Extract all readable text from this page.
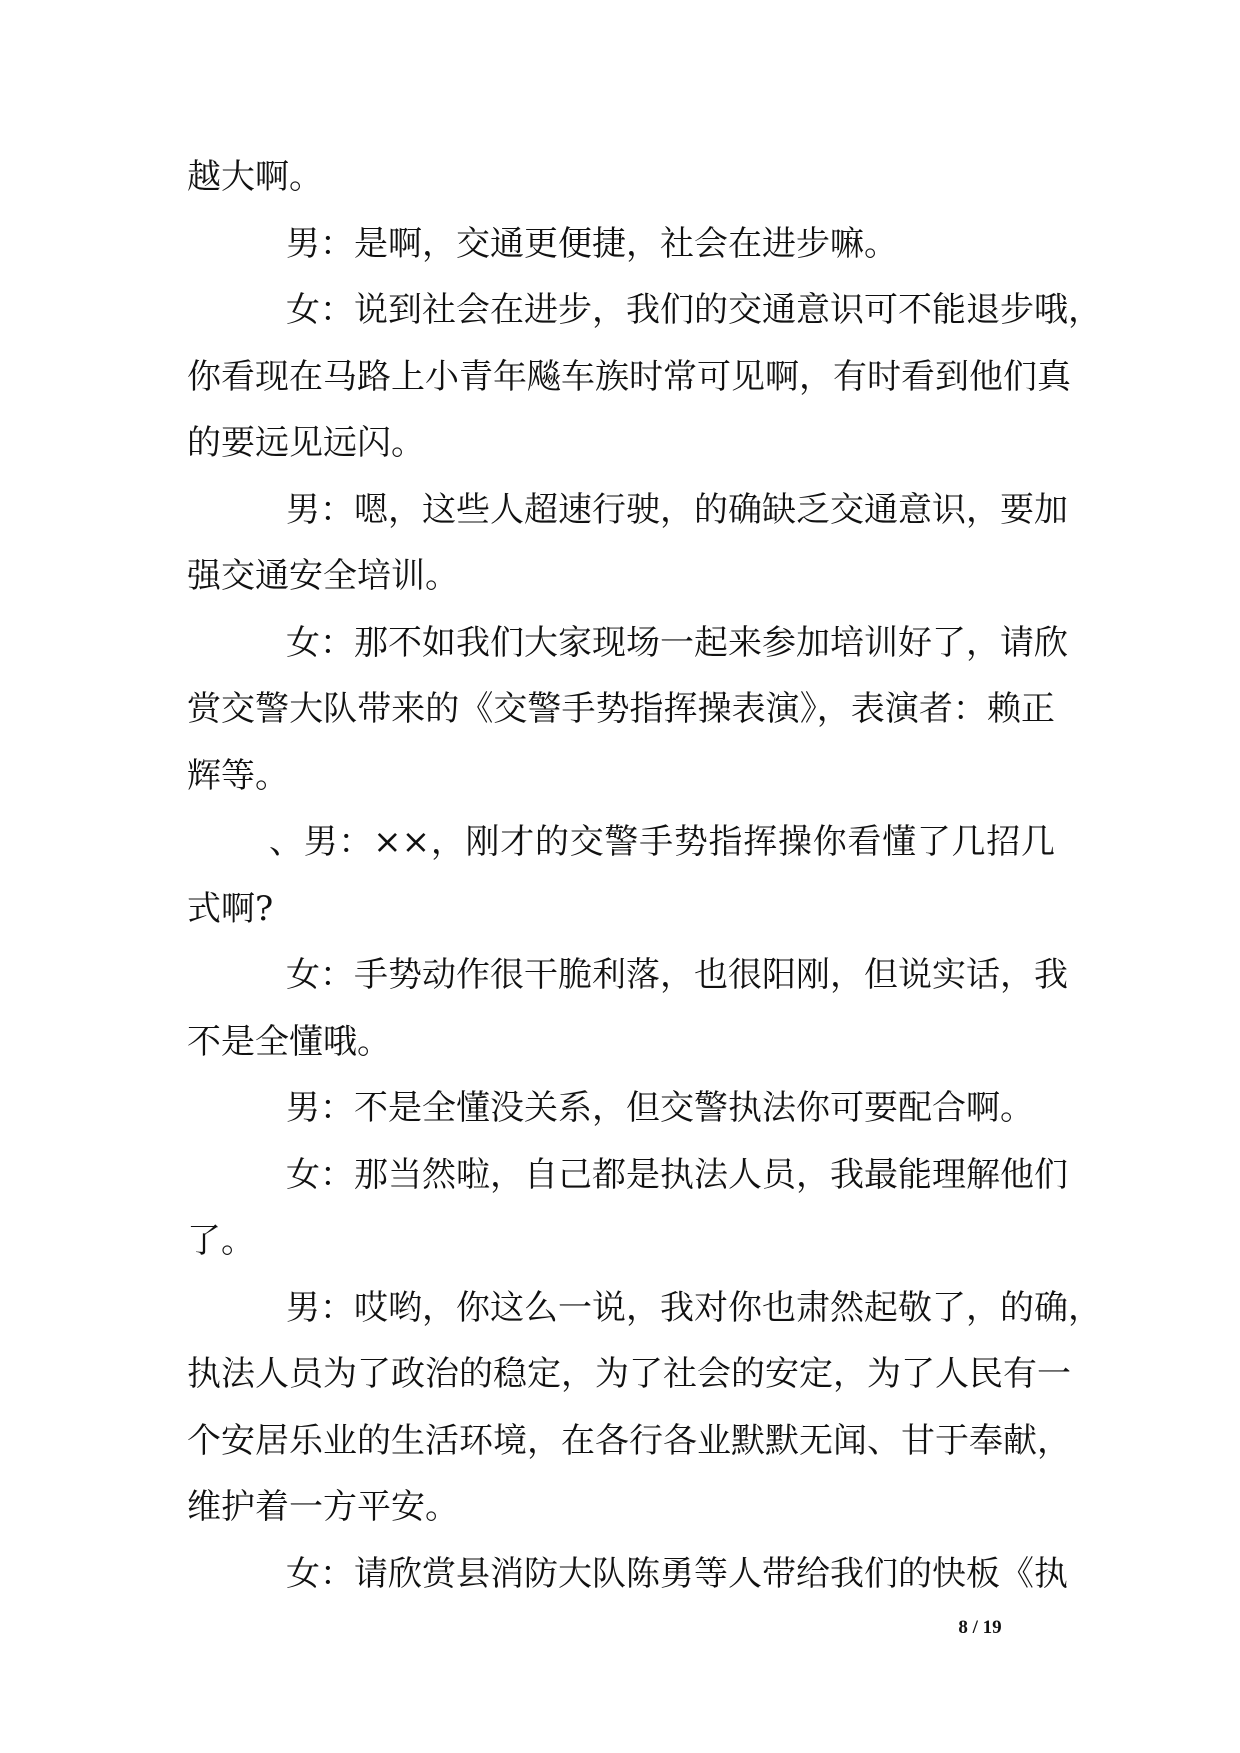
越大啊。
男：是啊，交通更便捷，社会在进步嘛。
女：说到社会在进步，我们的交通意识可不能退步哦，
你看现在马路上小青年飚车族时常可见啊，有时看到他们真
的要远见远闪。
男：嗯，这些人超速行驶，的确缺乏交通意识，要加
强交通安全培训。
女：那不如我们大家现场一起来参加培训好了，请欣
赏交警大队带来的《交警手势指挥操表演》，表演者：赖正
辉等。
、男：××，刚才的交警手势指挥操你看懂了几招几
式啊?
女：手势动作很干脆利落，也很阳刚，但说实话，我
不是全懂哦。
男：不是全懂没关系，但交警执法你可要配合啊。
女：那当然啦，自己都是执法人员，我最能理解他们
了。
男：哎哟，你这么一说，我对你也肃然起敬了，的确，
执法人员为了政治的稳定，为了社会的安定，为了人民有一
个安居乐业的生活环境，在各行各业默默无闻、甘于奉献，
维护着一方平安。
女：请欣赏县消防大队陈勇等人带给我们的快板《执
8 / 19
